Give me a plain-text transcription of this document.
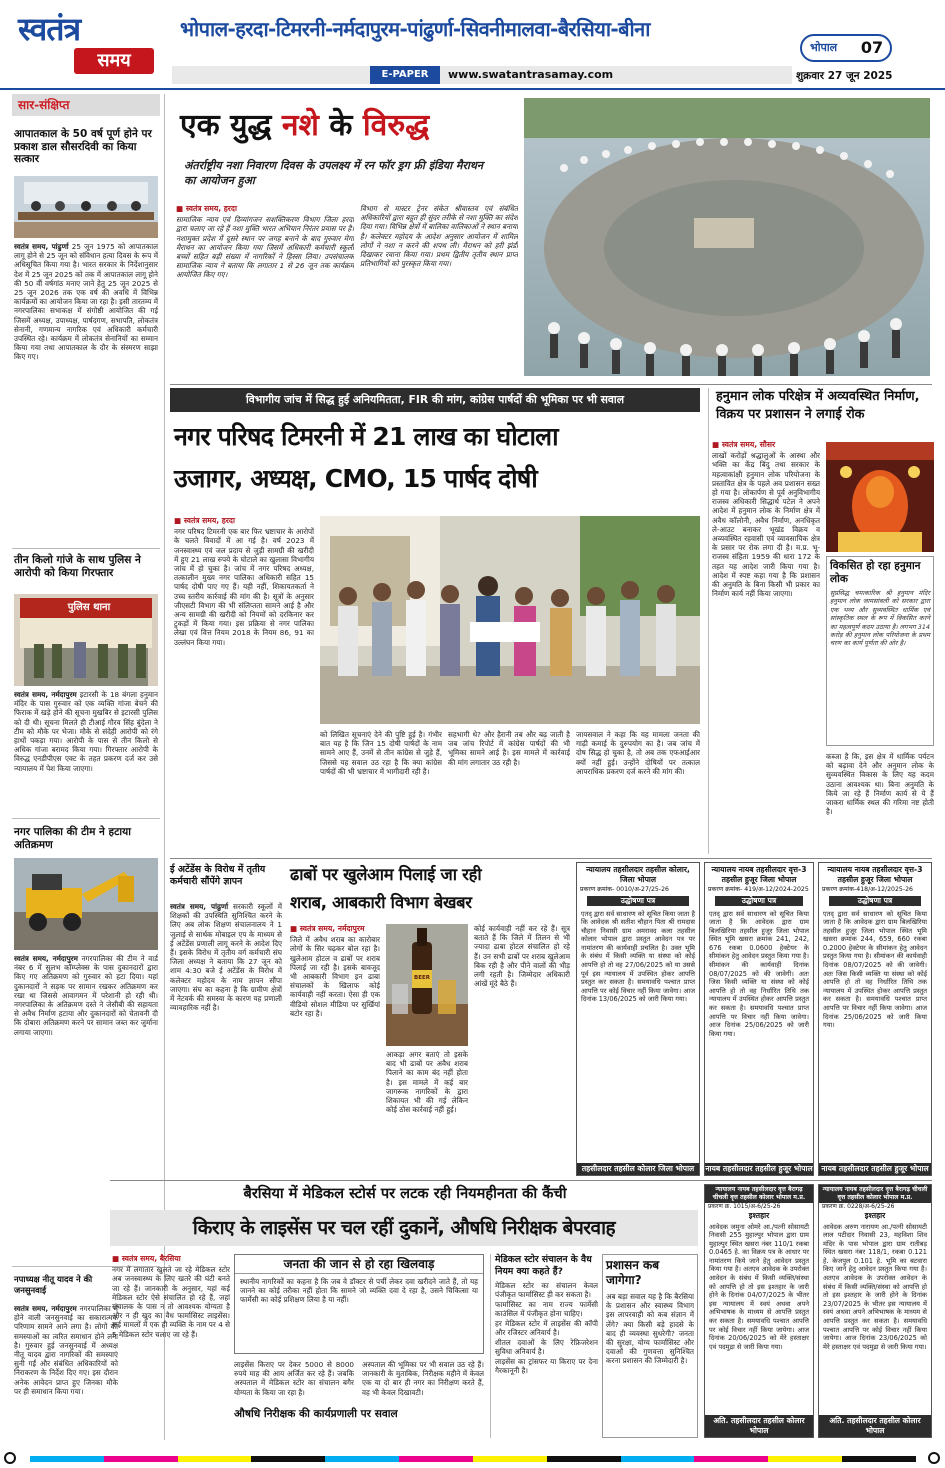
स्वतंत्र
समय
भोपाल-हरदा-टिमरनी-नर्मदापुरम-पांढुर्णा-सिवनीमालवा-बैरसिया-बीना
भोपाल	07
E-PAPER	www.swatantrasamay.com	शुक्रवार 27 जून 2025
सार-संक्षिप्त
आपातकाल के 50 वर्ष पूर्ण होने पर प्रकाश डाल सौसरदिवी का किया सत्कार
स्वतंत्र समय, पांढुर्णा 25 जून 1975 को आपातकाल लागू होने से 25 जून को संविधान हत्या दिवस के रूप में अधिसूचित किया गया है। भारत सरकार के निर्देशानुसार देश में 25 जून 2025 को तक में आपातकाल लागू होने की 50 वीं वर्षगांठ मनाए जाने हेतु 25 जून 2025 से 25 जून 2026 तक एक वर्ष की अवधि में विभिन्न कार्यक्रमों का आयोजन किया जा रहा है। इसी तारतम्य में नगरपालिका सभाकक्ष में संगोष्ठी आयोजित की गई जिसमें अध्यक्ष, उपाध्यक्ष, पार्षदगण, सभापति, लोकतंत्र सेनानी, गणमान्य नागरिक एवं अधिकारी कर्मचारी उपस्थित रहे। कार्यक्रम में लोकतंत्र सेनानियों का सम्मान किया गया तथा आपातकाल के दौर के संस्मरण साझा किए गए।
तीन किलो गांजे के साथ पुलिस ने आरोपी को किया गिरफ्तार
पुलिस थाना
स्वतंत्र समय, नर्मदापुरम इटारसी के 18 बंगला हनुमान मंदिर के पास गुरुवार को एक व्यक्ति गांजा बेचने की फिराक में खड़े होने की सूचना मुखबिर से इटारसी पुलिस को दी थी। सूचना मिलते ही टीआई गौरव सिंह बुंदेला ने टीम को मौके पर भेजा। मौके से संदेही आरोपी को रंगे हाथों पकड़ा गया। आरोपी के पास से तीन किलो से अधिक गांजा बरामद किया गया। गिरफ्तार आरोपी के विरुद्ध एनडीपीएस एक्ट के तहत प्रकरण दर्ज कर उसे न्यायालय में पेश किया जाएगा।
नगर पालिका की टीम ने हटाया अतिक्रमण
स्वतंत्र समय, नर्मदापुरम नगरपालिका की टीम ने वार्ड नंबर 6 में सुलभ कॉम्प्लेक्स के पास दुकानदारों द्वारा किए गए अतिक्रमण को गुरुवार को हटा दिया। यहां दुकानदारों ने सड़क पर सामान रखकर अतिक्रमण कर रखा था जिससे आवागमन में परेशानी हो रही थी। नगरपालिका के अतिक्रमण दस्ते ने जेसीबी की सहायता से अवैध निर्माण हटाया और दुकानदारों को चेतावनी दी कि दोबारा अतिक्रमण करने पर सामान जब्त कर जुर्माना लगाया जाएगा।
नपाध्यक्ष नीतू यादव ने की जनसुनवाई
स्वतंत्र समय, नर्मदापुरम नगरपालिका में होने वाली जनसुनवाई का सकारात्मक परिणाम सामने आने लगा है। लोगों की समस्याओं का त्वरित समाधान होने लगा है। गुरुवार हुई जनसुनवाई में अध्यक्ष नीतू यादव द्वारा नागरिकों की समस्याएं सुनी गईं और संबंधित अधिकारियों को निराकरण के निर्देश दिए गए। इस दौरान अनेक आवेदन प्राप्त हुए जिनका मौके पर ही समाधान किया गया।
एक युद्ध नशे के विरुद्ध
अंतर्राष्ट्रीय नशा निवारण दिवस के उपलक्ष्य में रन फॉर ड्रग फ्री इंडिया मैराथन का आयोजन हुआ
■ स्वतंत्र समय, हरदा
सामाजिक न्याय एवं दिव्यांगजन सशक्तिकरण विभाग जिला हरदा द्वारा चलाए जा रहे हैं नशा मुक्ति भारत अभियान निरंतर प्रयास पर है। नशामुक्त प्रदेश में दूसरे स्थान पर जगह बनाने के बाद गुरुवार मेगा मैराथन का आयोजन किया गया जिसमें अधिकारी कर्मचारी स्कूली बच्चों सहित बड़ी संख्या में नागरिकों ने हिस्सा लिया। उपसंचालक सामाजिक न्याय ने बताया कि लगातार 1 से 26 जून तक कार्यक्रम आयोजित किए गए।
विभाग से मास्टर ट्रेनर संकेत श्रीवास्तव एवं संबंधित अधिकारियों द्वारा बहुत ही सुंदर तरीके से नशा मुक्ति का संदेश दिया गया। विभिन्न क्षेत्रों में बालिका वालिकाओं ने स्थान बनाया है। कलेक्टर महोदय के आदेश अनुसार आयोजन में शामिल लोगों ने नशा न करने की शपथ ली। मैराथन को हरी झंडी दिखाकर रवाना किया गया। प्रथम द्वितीय तृतीय स्थान प्राप्त प्रतिभागियों को पुरस्कृत किया गया।
विभागीय जांच में सिद्ध हुई अनियमितता, FIR की मांग, कांग्रेस पार्षदों की भूमिका पर भी सवाल
नगर परिषद टिमरनी में 21 लाख का घोटाला
उजागर, अध्यक्ष, CMO, 15 पार्षद दोषी
■ स्वतंत्र समय, हरदा
नगर परिषद टिमरनी एक बार फिर भ्रष्टाचार के आरोपों के चलते विवादों में आ गई है। वर्ष 2023 में जनस्वास्थ्य एवं जल प्रदाय से जुड़ी सामग्री की खरीदी में हुए 21 लाख रुपये के घोटाले का खुलासा विभागीय जांच में हो चुका है। जांच में नगर परिषद अध्यक्ष, तत्कालीन मुख्य नगर पालिका अधिकारी सहित 15 पार्षद दोषी पाए गए हैं। यही नहीं, शिकायतकर्ता ने उच्च स्तरीय कार्रवाई की मांग की है। सूत्रों के अनुसार जीएसटी विभाग की भी संलिप्तता सामने आई है और अन्य सामग्री की खरीदी को नियमों को दरकिनार कर टुकड़ों में किया गया। इस प्रक्रिया से नगर पालिका लेखा एवं वित्त नियम 2018 के नियम 86, 91 का उल्लंघन किया गया।
को लिखित सूचनाएं देने की पुष्टि हुई है। गंभीर बात यह है कि जिन 15 दोषी पार्षदों के नाम सामने आए हैं, उनमें से तीन कांग्रेस से जुड़े हैं, जिससे यह सवाल उठ रहा है कि क्या कांग्रेस पार्षदों की भी भ्रष्टाचार में भागीदारी रही है।
सहभागी थे? और हैरानी तब और बढ़ जाती है जब जांच रिपोर्ट में कांग्रेस पार्षदों की भी भूमिका सामने आई है। इस मामले में कार्रवाई की मांग लगातार उठ रही है।
जायसवाल ने कहा कि यह मामला जनता की गाढ़ी कमाई के दुरुपयोग का है। जब जांच में दोष सिद्ध हो चुका है, तो अब तक एफआईआर क्यों नहीं हुई। उन्होंने दोषियों पर तत्काल आपराधिक प्रकरण दर्ज करने की मांग की।
हनुमान लोक परिक्षेत्र में अव्यवस्थित निर्माण, विक्रय पर प्रशासन ने लगाई रोक
■ स्वतंत्र समय, सौसर
लाखों करोड़ों श्रद्धालुओं के आस्था और भक्ति का केंद्र बिंदु तथा सरकार के महत्वाकांक्षी हनुमान लोक परियोजना के प्रस्तावित क्षेत्र के पहले अव प्रशासन सख्त हो गया है। लोकार्पण से पूर्व अनुविभागीय राजस्व अधिकारी सिद्धार्थ पटेल ने अपने आदेश में हनुमान लोक के निर्माण क्षेत्र में अवैध कॉलोनी, अवैध निर्माण, अनधिकृत ले-आउट बनाकर भूखंड विक्रय व अव्यवस्थित रहवासी एवं व्यावसायिक क्षेत्र के प्रसार पर रोक लगा दी है। म.प्र. भू-राजस्व संहिता 1959 की धारा 172 के तहत यह आदेश जारी किया गया है। आदेश में स्पष्ट कहा गया है कि प्रशासन की अनुमति के बिना किसी भी प्रकार का निर्माण कार्य नहीं किया जाएगा।
विकसित हो रहा हनुमान लोक
सुप्रसिद्ध चमत्कारिक श्री हनुमान मंदिर हनुमान लोक जामसांवली को सरकार द्वारा एक भव्य और सुव्यवस्थित धार्मिक एवं सांस्कृतिक स्थल के रूप में विकसित करने का महत्वपूर्ण कदम उठाया है। लगभग 314 करोड़ की हनुमान लोक परियोजना के प्रथम चरण का कार्य पूर्णता की ओर है।
कब्जा है कि, इस क्षेत्र में धार्मिक पर्यटन को बढ़ावा देने और अनुमान लोक के सुव्यवस्थित विकास के लिए यह कदम उठाना आवश्यक था। बिना अनुमति के किये जा रहे हैं निर्माण कार्य से ये हैं जाकरा धार्मिक स्थल की गरिमा नष्ट होती है।
ई अटेंडेंस के विरोध में तृतीय कर्मचारी सौंपेंगे ज्ञापन
स्वतंत्र समय, पांढुर्णा सरकारी स्कूलों में शिक्षकों की उपस्थिति सुनिश्चित करने के लिए अब लोक शिक्षण संचालनालय ने 1 जुलाई से सार्थक मोबाइल एप के माध्यम से ई अटेंडेंस प्रणाली लागू करने के आदेश दिए हैं। इसके विरोध में तृतीय वर्ग कर्मचारी संघ जिला अध्यक्ष ने बताया कि 27 जून को शाम 4:30 बजे ई अटेंडेंस के विरोध में कलेक्टर महोदय के नाम ज्ञापन सौंपा जाएगा। संघ का कहना है कि ग्रामीण क्षेत्रों में नेटवर्क की समस्या के कारण यह प्रणाली व्यावहारिक नहीं है।
ढाबों पर खुलेआम पिलाई जा रही
शराब, आबकारी विभाग बेखबर
■ स्वतंत्र समय, नर्मदापुरम
जिले में अवैध शराब का कारोबार लोगों के सिर चढ़कर बोल रहा है। खुलेआम होटल व ढाबों पर शराब पिलाई जा रही है। इसके बावजूद भी आबकारी विभाग इन ढाबा संचालकों के खिलाफ कोई कार्यवाही नहीं करता। ऐसा ही एक वीडियो सोशल मीडिया पर सुर्खियां बटोर रहा है।
BEER
कोई कार्यवाही नहीं कर रहे हैं। सूत्र बताते हैं कि जिले में तिलन से भी ज्यादा ढाबा होटल संचालित हो रहे हैं। उन सभी ढाबों पर शराब खुलेआम बिक रही है और पीने वालों की भीड़ लगी रहती है। जिम्मेदार अधिकारी आंखें मूंदे बैठे हैं।
आकड़ा अगर बताएं तो इसके बाद भी ढाबों पर अवैध शराब पिलाने का काम बंद नहीं होता है। इस मामले में कई बार जागरूक नागरिकों के द्वारा शिकायत भी की गई लेकिन कोई ठोस कार्रवाई नहीं हुई।
न्यायालय तहसीलदार तहसील कोलार, जिला भोपाल
प्रकरण क्रमांक- 0010/अ-27/25-26
उद्घोषणा पत्र
एतद् द्वारा सर्व साधारण को सूचित किया जाता है कि आवेदक श्री सतीश चौहान पिता श्री रामदास चौहान निवासी ग्राम अमरावद कला तहसील कोलार भोपाल द्वारा प्रस्तुत आवेदन पत्र पर नामांतरण की कार्यवाही प्रचलित है। उक्त भूमि के संबंध में किसी व्यक्ति या संस्था को कोई आपत्ति हो तो वह 27/06/2025 को या उससे पूर्व इस न्यायालय में उपस्थित होकर आपत्ति प्रस्तुत कर सकता है। समयावधि पश्चात प्राप्त आपत्ति पर कोई विचार नहीं किया जावेगा। आज दिनांक 13/06/2025 को जारी किया गया।
तहसीलदार तहसील कोलार जिला भोपाल
न्यायालय नायब तहसीलदार वृत्त-3 तहसील हुजूर जिला भोपाल
प्रकरण क्रमांक- 419/अ-12/2024-2025
उद्घोषणा पत्र
एतद् द्वारा सर्व साधारण को सूचित किया जाता है कि आवेदक द्वारा ग्राम बिलखिरिया तहसील हुजूर जिला भोपाल स्थित भूमि खसरा क्रमांक 241, 242, 676 रकबा 0.0600 हेक्टेयर के सीमांकन हेतु आवेदन प्रस्तुत किया गया है। सीमांकन की कार्यवाही दिनांक 08/07/2025 को की जावेगी। अतः जिस किसी व्यक्ति या संस्था को कोई आपत्ति हो तो वह निर्धारित तिथि तक न्यायालय में उपस्थित होकर आपत्ति प्रस्तुत कर सकता है। समयावधि पश्चात प्राप्त आपत्ति पर विचार नहीं किया जावेगा। आज दिनांक 25/06/2025 को जारी किया गया।
नायब तहसीलदार तहसील हुजूर भोपाल
न्यायालय नायब तहसीलदार वृत्त-3 तहसील हुजूर जिला भोपाल
प्रकरण क्रमांक-418/अ-12/2025-26
उद्घोषणा पत्र
एतद् द्वारा सर्व साधारण को सूचित किया जाता है कि आवेदक द्वारा ग्राम बिलखिरिया तहसील हुजूर जिला भोपाल स्थित भूमि खसरा क्रमांक 244, 659, 660 रकबा 0.2000 हेक्टेयर के सीमांकन हेतु आवेदन प्रस्तुत किया गया है। सीमांकन की कार्यवाही दिनांक 08/07/2025 को की जावेगी। अतः जिस किसी व्यक्ति या संस्था को कोई आपत्ति हो तो वह निर्धारित तिथि तक न्यायालय में उपस्थित होकर आपत्ति प्रस्तुत कर सकता है। समयावधि पश्चात प्राप्त आपत्ति पर विचार नहीं किया जावेगा। आज दिनांक 25/06/2025 को जारी किया गया।
नायब तहसीलदार तहसील हुजूर भोपाल
बैरसिया में मेडिकल स्टोर्स पर लटक रही नियमहीनता की कैंची
किराए के लाइसेंस पर चल रहीं दुकानें, औषधि निरीक्षक बेपरवाह
■ स्वतंत्र समय, बैरसिया
नगर में लगातार खुलते जा रहे मेडिकल स्टोर अब जनस्वास्थ्य के लिए खतरे की घंटी बनते जा रहे हैं। जानकारी के अनुसार, यहां कई मेडिकल स्टोर ऐसे संचालित हो रहे हैं, जहां संचालक के पास न तो आवश्यक योग्यता है और न ही खुद का वैध फार्मासिस्ट लाइसेंस। कई मामलों में एक ही व्यक्ति के नाम पर 4 से 5 मेडिकल स्टोर चलाए जा रहे हैं।
जनता की जान से हो रहा खिलवाड़
स्थानीय नागरिकों का कहना है कि जब वे डॉक्टर से पर्ची लेकर दवा खरीदने जाते हैं, तो यह जानने का कोई तरीका नहीं होता कि सामने जो व्यक्ति दवा दे रहा है, उसने चिकित्सा या फार्मेसी का कोई प्रशिक्षण लिया है या नहीं।
लाइसेंस किराए पर देकर 5000 से 8000 रुपये माह की आय अर्जित कर रहे हैं। जबकि अस्पताल में मेडिकल स्टोर का संचालन बगैर योग्यता के किया जा रहा है।
अस्पताल की भूमिका पर भी सवाल उठ रहे हैं। जानकारी के मुताबिक, निरीक्षक महीने में केवल एक या दो बार ही नगर का निरीक्षण करते हैं, वह भी केवल दिखावटी।
औषधि निरीक्षक की कार्यप्रणाली पर सवाल
मेडिकल स्टोर संचालन के वैध नियम क्या कहते हैं?
मेडिकल स्टोर का संचालन केवल पंजीकृत फार्मासिस्ट ही कर सकता है।
फार्मासिस्ट का नाम राज्य फार्मेसी काउंसिल में पंजीकृत होना चाहिए।
हर मेडिकल स्टोर में लाइसेंस की कॉपी और रजिस्टर अनिवार्य है।
शीतल दवाओं के लिए रेफ्रिजरेशन सुविधा अनिवार्य है।
लाइसेंस का ट्रांसफर या किराए पर देना गैरकानूनी है।
प्रशासन कब जागेगा?
अब बड़ा सवाल यह है कि बैरसिया के प्रशासन और स्वास्थ्य विभाग इस लापरवाही को कब संज्ञान में लेंगे? क्या किसी बड़े हादसे के बाद ही व्यवस्था सुधरेगी? जनता की सुरक्षा, योग्य फार्मासिस्ट और दवाओं की गुणवत्ता सुनिश्चित करना प्रशासन की जिम्मेदारी है।
न्यायालय नायब तहसीलदार वृत्त बैरागढ़ चीचली वृत्त तहसील कोलार भोपाल म.प्र.
प्रकरण क्र. 1015/अ-6/25-26
इश्तहार
आवेदक जमुना ओमरे आ./पत्नी सोसायटी निवासी 255 मुहाल्पुर भोपाल द्वारा ग्राम मुहाल्पुर स्थित खसरा नंबर 110/1 रकबा 0.0465 हे. का विक्रय पत्र के आधार पर नामांतरण किये जाने हेतु आवेदन प्रस्तुत किया गया है। अतएव आवेदक के उपरोक्त आवेदन के संबंध में किसी व्यक्ति/संस्था को आपत्ति हो तो इस इश्तहार के जारी होने के दिनांक 04/07/2025 के भीतर इस न्यायालय में स्वयं अथवा अपने अभिभाषक के माध्यम से आपत्ति प्रस्तुत कर सकता है। समयावधि पश्चात आपत्ति पर कोई विचार नहीं किया जायेगा। आज दिनांक 20/06/2025 को मेरे हस्ताक्षर एवं पदमुद्रा से जारी किया गया।
अति. तहसीलदार तहसील कोलार भोपाल
न्यायालय नायब तहसीलदार वृत्त बैरागढ़ चीचली वृत्त तहसील कोलार भोपाल म.प्र.
प्रकरण क्र. 0228/अ-6/25-26
इश्तहार
आवेदक अरुण नारायण आ./पत्नी सोसायटी लाल पटीदार निवासी 23, महविशा शिव मंदिर के पास भोपाल द्वारा ग्राम रातीबड़ स्थित खसरा नंबर 118/1, रकबा 0.121 हे. केजपुल 0.101 हे. भूमि का बटवारा किए जाने हेतु आवेदन प्रस्तुत किया गया है। अतएव आवेदक के उपरोक्त आवेदन के संबंध में किसी व्यक्ति/संस्था को आपत्ति हो तो इस इश्तहार के जारी होने के दिनांक 23/07/2025 के भीतर इस न्यायालय में स्वयं अथवा अपने अभिभाषक के माध्यम से आपत्ति प्रस्तुत कर सकता है। समयावधि पश्चात आपत्ति पर कोई विचार नहीं किया जायेगा। आज दिनांक 23/06/2025 को मेरे हस्ताक्षर एवं पदमुद्रा से जारी किया गया।
अति. तहसीलदार तहसील कोलार भोपाल
